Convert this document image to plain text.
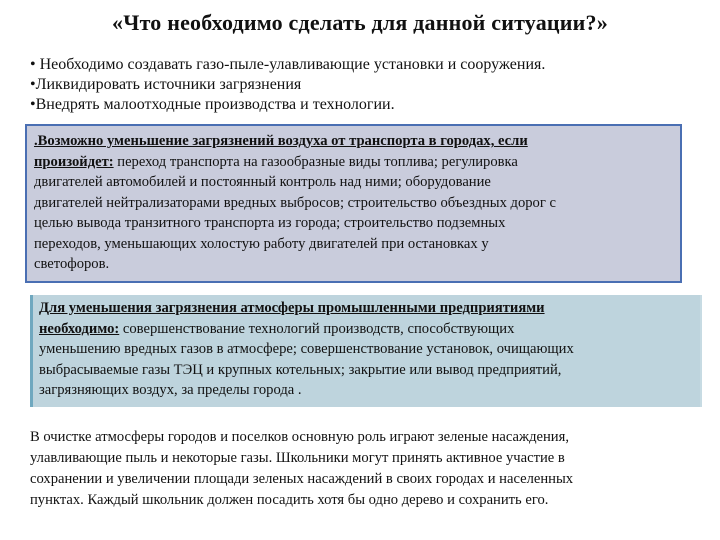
«Что необходимо сделать для данной ситуации?»
• Необходимо создавать газо-пыле-улавливающие установки и сооружения.
•Ликвидировать источники загрязнения
•Внедрять малоотходные производства и технологии.
.Возможно уменьшение загрязнений воздуха от транспорта в городах, если
произойдет: переход транспорта на газообразные виды топлива; регулировка
двигателей автомобилей и постоянный контроль над ними; оборудование
двигателей нейтрализаторами вредных выбросов; строительство объездных дорог с
целью вывода транзитного транспорта из города; строительство подземных
переходов, уменьшающих холостую работу двигателей при остановках у
светофоров.
Для уменьшения загрязнения атмосферы промышленными предприятиями
необходимо: совершенствование технологий производств, способствующих
уменьшению вредных газов в атмосфере; совершенствование установок, очищающих
выбрасываемые газы ТЭЦ и крупных котельных; закрытие или вывод предприятий,
загрязняющих воздух, за пределы города .
В очистке атмосферы городов и поселков основную роль играют зеленые насаждения,
улавливающие пыль и некоторые газы. Школьники могут принять активное участие в
сохранении и увеличении площади зеленых насаждений в своих городах и населенных
пунктах. Каждый школьник должен посадить хотя бы одно дерево и сохранить его.
